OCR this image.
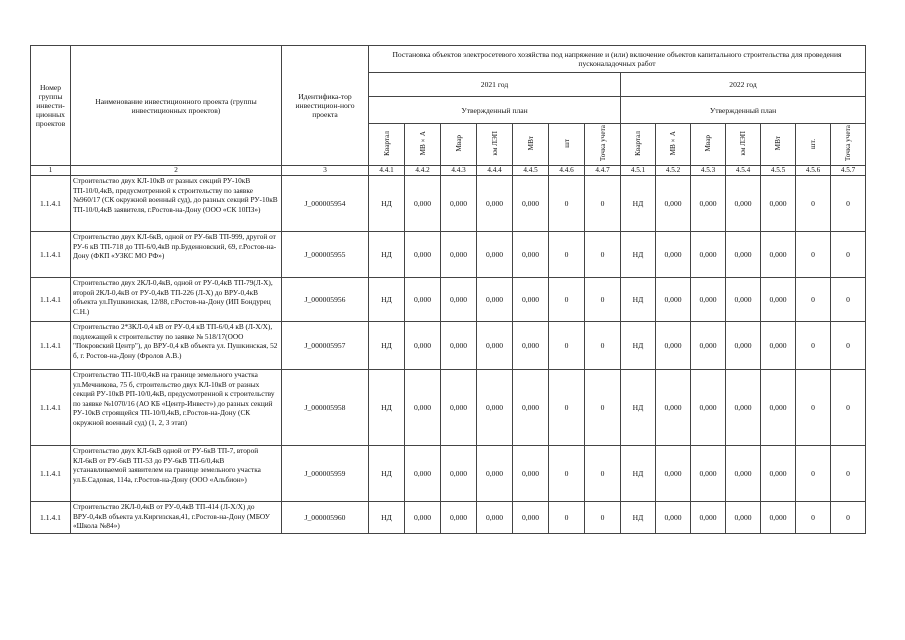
Номер группы инвести-ционных проектов	Наименование инвестиционного проекта (группы инвестиционных проектов)	Идентифика-тор инвестицион-ного проекта	Постановка объектов электросетевого хозяйства под напряжение и (или) включение объектов капитального строительства для проведения пусконаладочных работ													
			2021 год							2022 год						
			Утвержденный план							Утвержденный план						
			Квартал	МВ×А	Мвар	км ЛЭП	МВт	шт	Точка учета	Квартал	МВ×А	Мвар	км ЛЭП	МВт	шт.	Точка учета
1	2	3	4.4.1	4.4.2	4.4.3	4.4.4	4.4.5	4.4.6	4.4.7	4.5.1	4.5.2	4.5.3	4.5.4	4.5.5	4.5.6	4.5.7
1.1.4.1	Строительство двух КЛ-10кВ от разных секций РУ-10кВ ТП-10/0,4кВ, предусмотренной к строительству по заявке №960/17 (СК окружной военный суд), до разных секций РУ-10кВ ТП-10/0,4кВ заявителя, г.Ростов-на-Дону (ООО «СК 10ПЗ»)	J_000005954	НД	0,000	0,000	0,000	0,000	0	0	НД	0,000	0,000	0,000	0,000	0	0
1.1.4.1	Строительство двух КЛ-6кВ, одной от РУ-6кВ ТП-999, другой от РУ-6 кВ ТП-718 до ТП-6/0,4кВ пр.Буденновский, 69, г.Ростов-на-Дону (ФКП «УЗКС МО РФ»)	J_000005955	НД	0,000	0,000	0,000	0,000	0	0	НД	0,000	0,000	0,000	0,000	0	0
1.1.4.1	Строительство двух 2КЛ-0,4кВ, одной от РУ-0,4кВ ТП-79(Л-X), второй 2КЛ-0,4кВ от РУ-0,4кВ ТП-226 (Л-X) до ВРУ-0,4кВ объекта ул.Пушкинская, 12/88, г.Ростов-на-Дону (ИП Бондурец С.Н.)	J_000005956	НД	0,000	0,000	0,000	0,000	0	0	НД	0,000	0,000	0,000	0,000	0	0
1.1.4.1	Строительство 2*ЗКЛ-0,4 кВ от РУ-0,4 кВ ТП-6/0,4 кВ (Л-X/X), подлежащей к строительству по заявке № 518/17(ООО "Покровский Центр"), до ВРУ-0,4 кВ объекта ул. Пушкинская, 52 б, г. Ростов-на-Дону (Фролов А.В.)	J_000005957	НД	0,000	0,000	0,000	0,000	0	0	НД	0,000	0,000	0,000	0,000	0	0
1.1.4.1	Строительство ТП-10/0,4кВ на границе земельного участка ул.Мечникова, 75 б, строительство двух КЛ-10кВ от разных секций РУ-10кВ РП-10/0,4кВ, предусмотренной к строительству по заявке №1070/16 (АО КБ «Центр-Инвест») до разных секций РУ-10кВ строящейся ТП-10/0,4кВ, г.Ростов-на-Дону (СК окружной военный суд) (1, 2, 3 этап)	J_000005958	НД	0,000	0,000	0,000	0,000	0	0	НД	0,000	0,000	0,000	0,000	0	0
1.1.4.1	Строительство двух КЛ-6кВ одной от РУ-6кВ ТП-7, второй КЛ-6кВ от РУ-6кВ ТП-53 до РУ-6кВ ТП-6/0,4кВ устанавливаемой заявителем на границе земельного участка ул.Б.Садовая, 114а, г.Ростов-на-Дону (ООО «Альбион»)	J_000005959	НД	0,000	0,000	0,000	0,000	0	0	НД	0,000	0,000	0,000	0,000	0	0
1.1.4.1	Строительство 2КЛ-0,4кВ от РУ-0,4кВ ТП-414 (Л-X/X) до ВРУ-0,4кВ объекта ул.Киргизская,41, г.Ростов-на-Дону (МБОУ «Школа №84»)	J_000005960	НД	0,000	0,000	0,000	0,000	0	0	НД	0,000	0,000	0,000	0,000	0	0
